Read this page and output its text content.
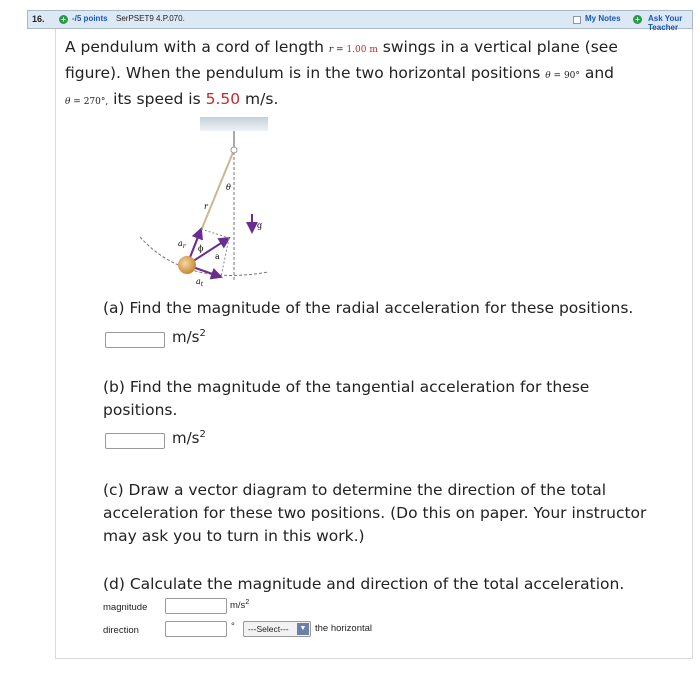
16. + -/5 points SerPSET9 4.P.070.	My Notes + Ask Your Teacher
A pendulum with a cord of length r = 1.00 m swings in a vertical plane (see figure). When the pendulum is in the two horizontal positions θ = 90° and
θ = 270°, its speed is 5.50 m/s.
θ
r
g
$a_r$ ϕ
a
$a_t$
(a) Find the magnitude of the radial acceleration for these positions.
$m/s^2$
(b) Find the magnitude of the tangential acceleration for these positions.
$m/s^2$
(c) Draw a vector diagram to determine the direction of the total acceleration for these two positions. (Do this on paper. Your instructor may ask you to turn in this work.)
(d) Calculate the magnitude and direction of the total acceleration.
magnitude	$m/s^2$
direction	° ---Select---	▼ the horizontal
